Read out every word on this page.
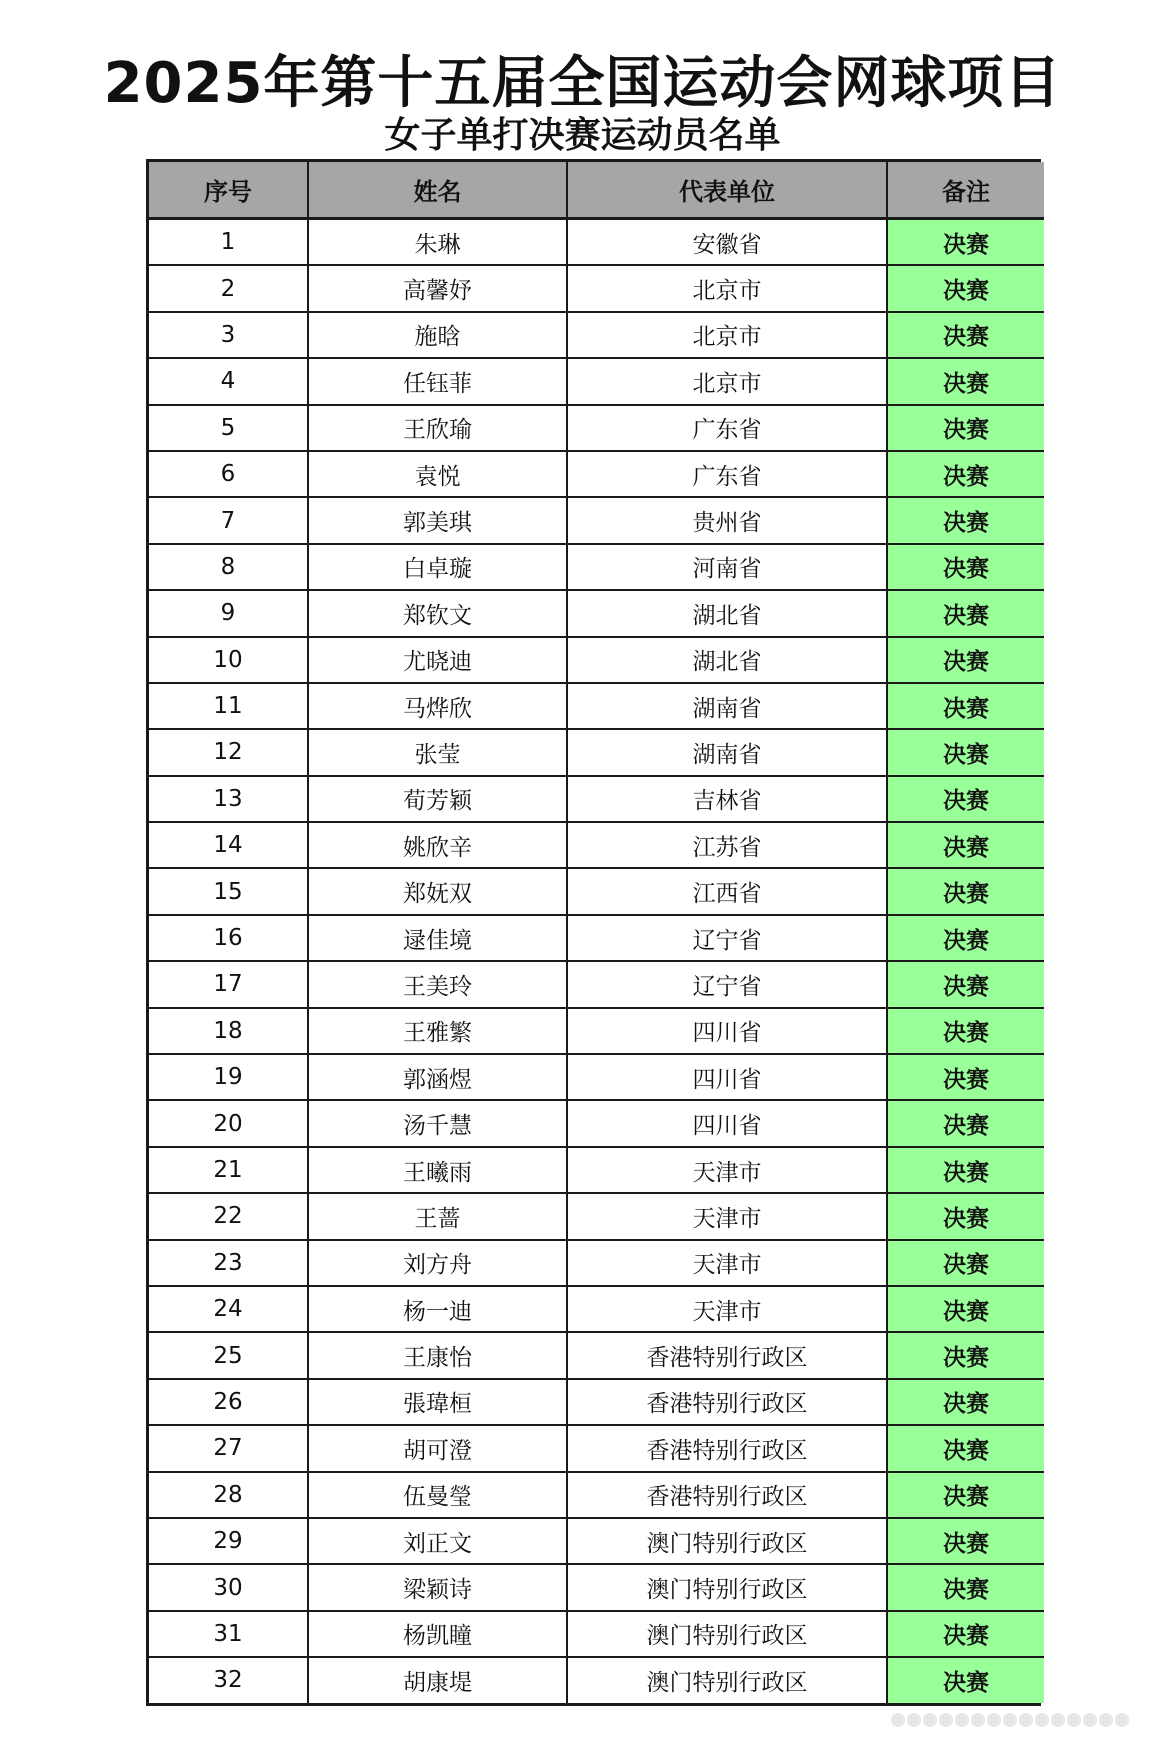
2025年第十五届全国运动会网球项目
女子单打决赛运动员名单
序号	姓名	代表单位	备注
1	朱琳	安徽省	决赛
2	高馨妤	北京市	决赛
3	施晗	北京市	决赛
4	任钰菲	北京市	决赛
5	王欣瑜	广东省	决赛
6	袁悦	广东省	决赛
7	郭美琪	贵州省	决赛
8	白卓璇	河南省	决赛
9	郑钦文	湖北省	决赛
10	尤晓迪	湖北省	决赛
11	马烨欣	湖南省	决赛
12	张莹	湖南省	决赛
13	荀芳颖	吉林省	决赛
14	姚欣辛	江苏省	决赛
15	郑妩双	江西省	决赛
16	逯佳境	辽宁省	决赛
17	王美玲	辽宁省	决赛
18	王雅繁	四川省	决赛
19	郭涵煜	四川省	决赛
20	汤千慧	四川省	决赛
21	王曦雨	天津市	决赛
22	王蔷	天津市	决赛
23	刘方舟	天津市	决赛
24	杨一迪	天津市	决赛
25	王康怡	香港特别行政区	决赛
26	張瑋桓	香港特别行政区	决赛
27	胡可澄	香港特别行政区	决赛
28	伍曼瑩	香港特别行政区	决赛
29	刘正文	澳门特别行政区	决赛
30	梁颖诗	澳门特别行政区	决赛
31	杨凯瞳	澳门特别行政区	决赛
32	胡康堤	澳门特别行政区	决赛
